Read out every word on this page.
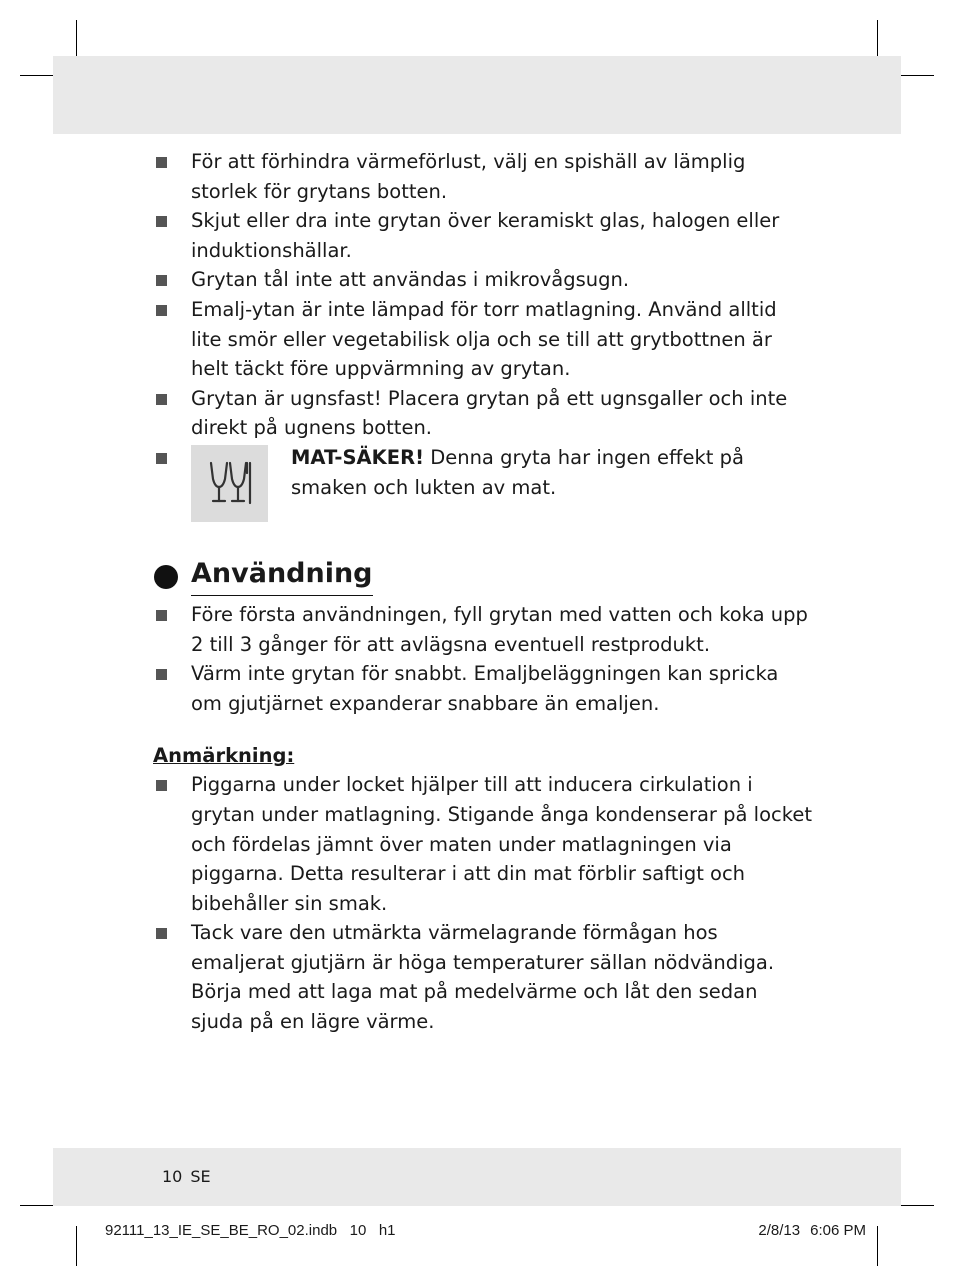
För att förhindra värmeförlust, välj en spishäll av lämplig storlek för grytans botten.
Skjut eller dra inte grytan över keramiskt glas, halogen eller induktionshällar.
Grytan tål inte att användas i mikrovågsugn.
Emalj-ytan är inte lämpad för torr matlagning. Använd alltid lite smör eller vegetabilisk olja och se till att grytbottnen är helt täckt före uppvärmning av grytan.
Grytan är ugnsfast! Placera grytan på ett ugnsgaller och inte direkt på ugnens botten.
MAT-SÄKER! Denna gryta har ingen effekt på smaken och lukten av mat.
Användning
Före första användningen, fyll grytan med vatten och koka upp 2 till 3 gånger för att avlägsna eventuell restprodukt.
Värm inte grytan för snabbt. Emaljbeläggningen kan spricka om gjutjärnet expanderar snabbare än emaljen.
Anmärkning:
Piggarna under locket hjälper till att inducera cirkulation i grytan under matlagning. Stigande ånga kondenserar på locket och fördelas jämnt över maten under matlagningen via piggarna. Detta resulterar i att din mat förblir saftigt och bibehåller sin smak.
Tack vare den utmärkta värmelagrande förmågan hos emaljerat gjutjärn är höga temperaturer sällan nödvändiga. Börja med att laga mat på medelvärme och låt den sedan sjuda på en lägre värme.
10 SE
92111_13_IE_SE_BE_RO_02.indb   10   h1	2/8/13 6:06 PM
